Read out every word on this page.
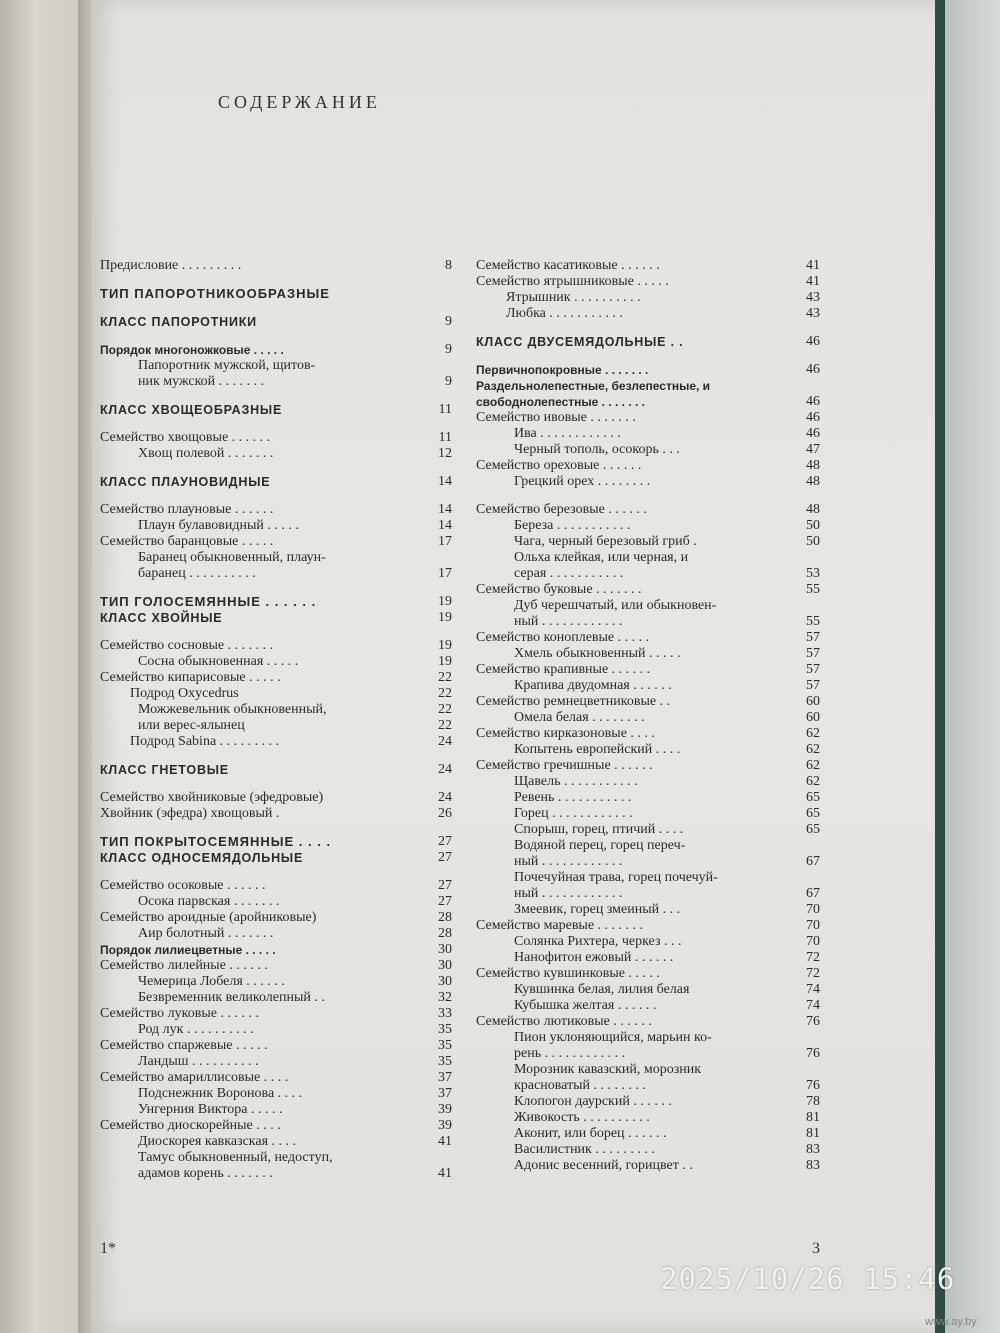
СОДЕРЖАНИЕ
Предисловие . . . . . . . . .	8
ТИП ПАПОРОТНИКООБРАЗНЫЕ
КЛАСС ПАПОРОТНИКИ	9
Порядок многоножковые . . . . .	9
Папоротник мужской, щитов-
ник мужской . . . . . . .	9
КЛАСС ХВОЩЕОБРАЗНЫЕ	11
Семейство хвощовые . . . . . .	11
Хвощ полевой . . . . . . .	12
КЛАСС ПЛАУНОВИДНЫЕ	14
Семейство плауновые . . . . . .	14
Плаун булавовидный . . . . .	14
Семейство баранцовые . . . . .	17
Баранец обыкновенный, плаун-
баранец . . . . . . . . . .	17
ТИП ГОЛОСЕМЯННЫЕ . . . . . .	19
КЛАСС ХВОЙНЫЕ	19
Семейство сосновые . . . . . . .	19
Сосна обыкновенная . . . . .	19
Семейство кипарисовые . . . . .	22
Подрод Oxycedrus	22
Можжевельник обыкновенный,	22
или верес-ялынец	22
Подрод Sabina . . . . . . . . .	24
КЛАСС ГНЕТОВЫЕ	24
Семейство хвойниковые (эфедровые)	24
Хвойник (эфедра) хвощовый .	26
ТИП ПОКРЫТОСЕМЯННЫЕ . . . .	27
КЛАСС ОДНОСЕМЯДОЛЬНЫЕ	27
Семейство осоковые . . . . . .	27
Осока парвская . . . . . . .	27
Семейство ароидные (аройниковые)	28
Аир болотный . . . . . . .	28
Порядок лилиецветные . . . . .	30
Семейство лилейные . . . . . .	30
Чемерица Лобеля . . . . . .	30
Безвременник великолепный . .	32
Семейство луковые . . . . . .	33
Род лук . . . . . . . . . .	35
Семейство спаржевые . . . . .	35
Ландыш . . . . . . . . . .	35
Семейство амариллисовые . . . .	37
Подснежник Воронова . . . .	37
Унгерния Виктора . . . . .	39
Семейство диоскорейные . . . .	39
Диоскорея кавказская . . . .	41
Тамус обыкновенный, недоступ,
адамов корень . . . . . . .	41
Семейство касатиковые . . . . . .	41
Семейство ятрышниковые . . . . .	41
Ятрышник . . . . . . . . . .	43
Любка . . . . . . . . . . .	43
КЛАСС ДВУСЕМЯДОЛЬНЫЕ . .	46
Первичнопокровные . . . . . . .	46
Раздельнолепестные, безлепестные, и
свободнолепестные . . . . . . .	46
Семейство ивовые . . . . . . .	46
Ива . . . . . . . . . . . .	46
Черный тополь, осокорь . . .	47
Семейство ореховые . . . . . .	48
Грецкий орех . . . . . . . .	48
Семейство березовые . . . . . .	48
Береза . . . . . . . . . . .	50
Чага, черный березовый гриб .	50
Ольха клейкая, или черная, и
серая . . . . . . . . . . .	53
Семейство буковые . . . . . . .	55
Дуб черешчатый, или обыкновен-
ный . . . . . . . . . . . .	55
Семейство коноплевые . . . . .	57
Хмель обыкновенный . . . . .	57
Семейство крапивные . . . . . .	57
Крапива двудомная . . . . . .	57
Семейство ремнецветниковые . .	60
Омела белая . . . . . . . .	60
Семейство кирказоновые . . . .	62
Копытень европейский . . . .	62
Семейство гречишные . . . . . .	62
Щавель . . . . . . . . . . .	62
Ревень . . . . . . . . . . .	65
Горец . . . . . . . . . . . .	65
Спорыш, горец, птичий . . . .	65
Водяной перец, горец переч-
ный . . . . . . . . . . . .	67
Почечуйная трава, горец почечуй-
ный . . . . . . . . . . . .	67
Змеевик, горец змеиный . . .	70
Семейство маревые . . . . . . .	70
Солянка Рихтера, черкез . . .	70
Нанофитон ежовый . . . . . .	72
Семейство кувшинковые . . . . .	72
Кувшинка белая, лилия белая	74
Кубышка желтая . . . . . .	74
Семейство лютиковые . . . . . .	76
Пион уклоняющийся, марьин ко-
рень . . . . . . . . . . . .	76
Морозник кавазский, морозник
красноватый . . . . . . . .	76
Клопогон даурский . . . . . .	78
Живокость . . . . . . . . . .	81
Аконит, или борец . . . . . .	81
Василистник . . . . . . . . .	83
Адонис весенний, горицвет . .	83
1*	3
2025/10/26 15:46
www.ay.by
